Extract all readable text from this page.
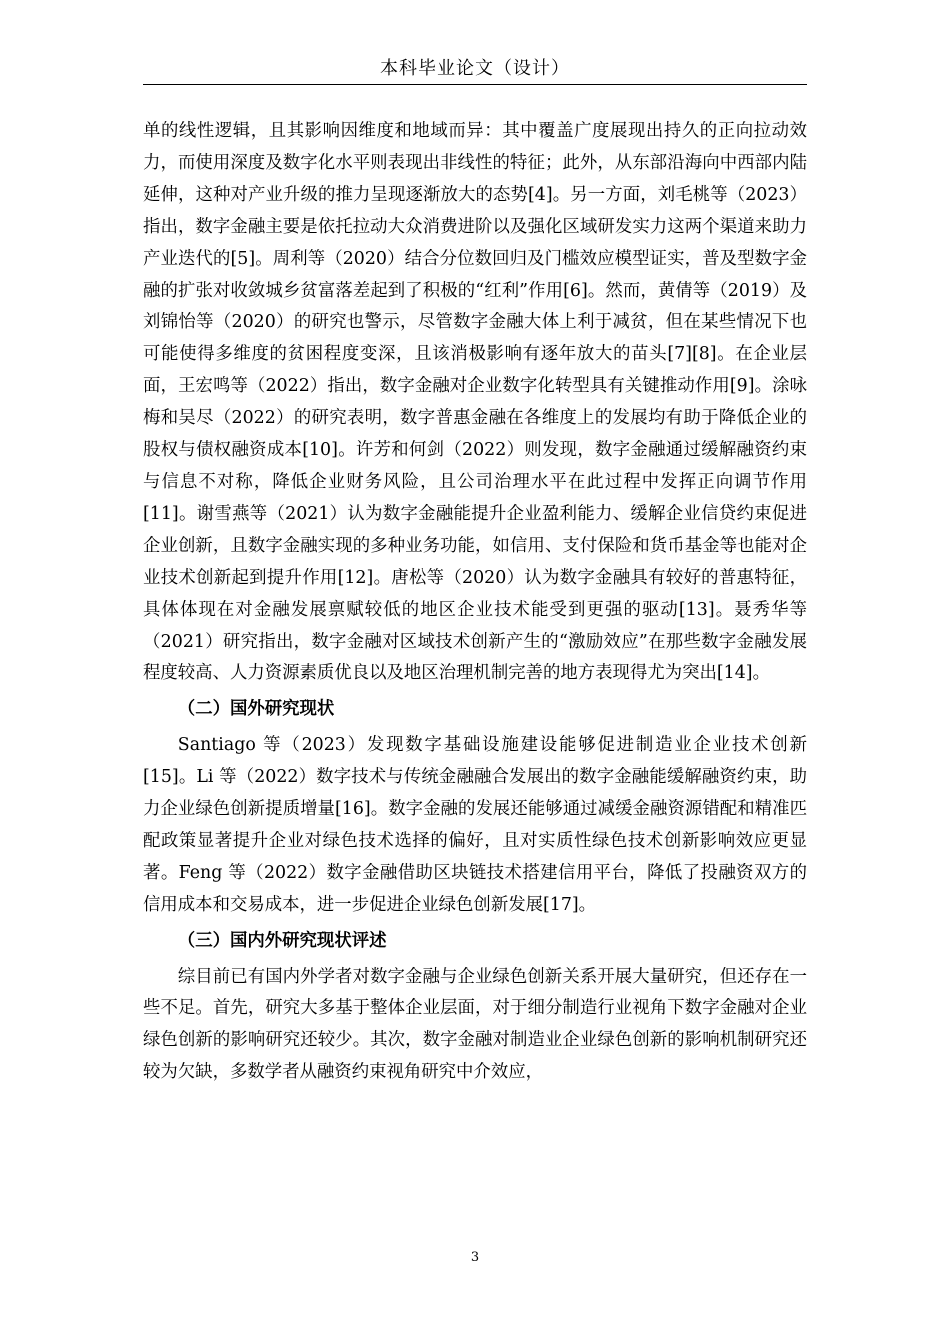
本科毕业论文（设计）

单的线性逻辑，且其影响因维度和地域而异：其中覆盖广度展现出持久的正向拉动效力，而使用深度及数字化水平则表现出非线性的特征；此外，从东部沿海向中西部内陆延伸，这种对产业升级的推力呈现逐渐放大的态势[4]。另一方面，刘毛桃等（2023）指出，数字金融主要是依托拉动大众消费进阶以及强化区域研发实力这两个渠道来助力产业迭代的[5]。周利等（2020）结合分位数回归及门槛效应模型证实，普及型数字金融的扩张对收敛城乡贫富落差起到了积极的“红利”作用[6]。然而，黄倩等（2019）及刘锦怡等（2020）的研究也警示，尽管数字金融大体上利于减贫，但在某些情况下也可能使得多维度的贫困程度变深，且该消极影响有逐年放大的苗头[7][8]。在企业层面，王宏鸣等（2022）指出，数字金融对企业数字化转型具有关键推动作用[9]。涂咏梅和吴尽（2022）的研究表明，数字普惠金融在各维度上的发展均有助于降低企业的股权与债权融资成本[10]。许芳和何剑（2022）则发现，数字金融通过缓解融资约束与信息不对称，降低企业财务风险，且公司治理水平在此过程中发挥正向调节作用[11]。谢雪燕等（2021）认为数字金融能提升企业盈利能力、缓解企业信贷约束促进企业创新，且数字金融实现的多种业务功能，如信用、支付保险和货币基金等也能对企业技术创新起到提升作用[12]。唐松等（2020）认为数字金融具有较好的普惠特征，具体体现在对金融发展禀赋较低的地区企业技术能受到更强的驱动[13]。聂秀华等（2021）研究指出，数字金融对区域技术创新产生的“激励效应”在那些数字金融发展程度较高、人力资源素质优良以及地区治理机制完善的地方表现得尤为突出[14]。

（二）国外研究现状

Santiago 等（2023）发现数字基础设施建设能够促进制造业企业技术创新[15]。Li 等（2022）数字技术与传统金融融合发展出的数字金融能缓解融资约束，助力企业绿色创新提质增量[16]。数字金融的发展还能够通过减缓金融资源错配和精准匹配政策显著提升企业对绿色技术选择的偏好，且对实质性绿色技术创新影响效应更显著。Feng 等（2022）数字金融借助区块链技术搭建信用平台，降低了投融资双方的信用成本和交易成本，进一步促进企业绿色创新发展[17]。

（三）国内外研究现状评述

综目前已有国内外学者对数字金融与企业绿色创新关系开展大量研究，但还存在一些不足。首先，研究大多基于整体企业层面，对于细分制造行业视角下数字金融对企业绿色创新的影响研究还较少。其次，数字金融对制造业企业绿色创新的影响机制研究还较为欠缺，多数学者从融资约束视角研究中介效应，

3
